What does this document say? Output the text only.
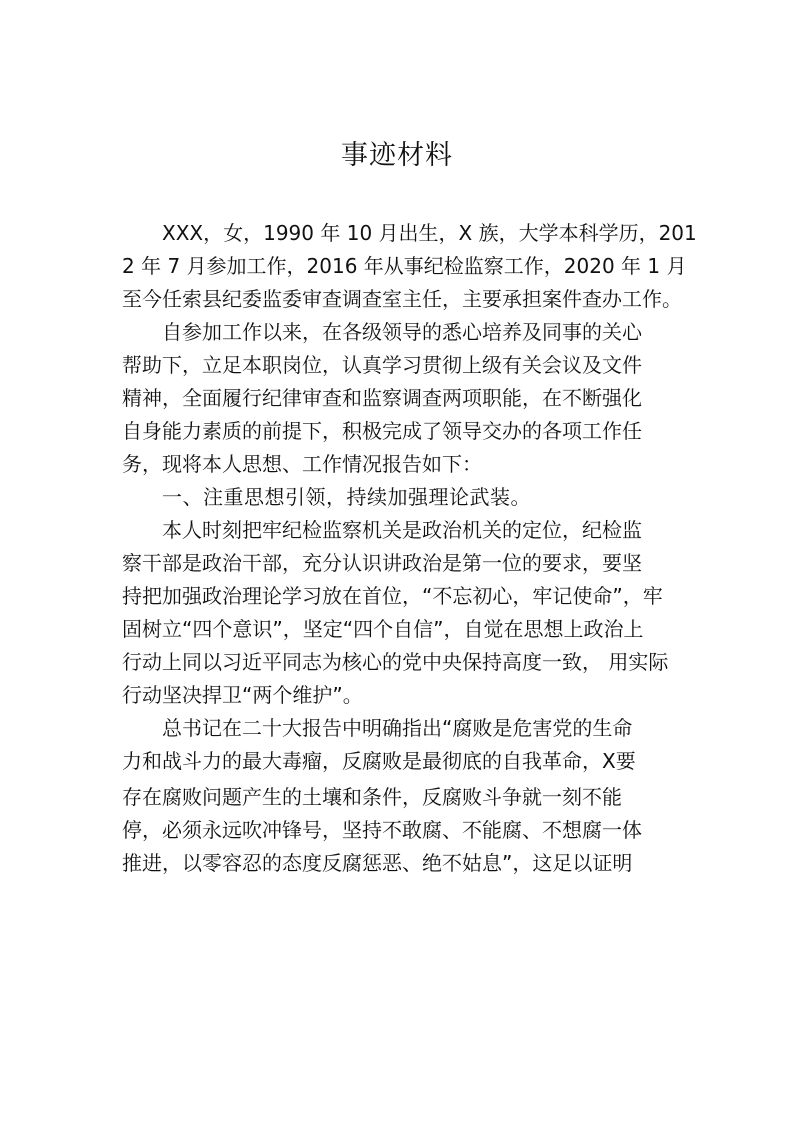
事迹材料
XXX，女，1990 年 10 月出生，X 族，大学本科学历，201
2 年 7 月参加工作，2016 年从事纪检监察工作，2020 年 1 月
至今任索县纪委监委审查调查室主任，主要承担案件查办工作。
自参加工作以来，在各级领导的悉心培养及同事的关心
帮助下，立足本职岗位，认真学习贯彻上级有关会议及文件
精神，全面履行纪律审查和监察调查两项职能，在不断强化
自身能力素质的前提下，积极完成了领导交办的各项工作任
务，现将本人思想、工作情况报告如下：
一、注重思想引领，持续加强理论武装。
本人时刻把牢纪检监察机关是政治机关的定位，纪检监
察干部是政治干部，充分认识讲政治是第一位的要求，要坚
持把加强政治理论学习放在首位，“不忘初心，牢记使命”，牢
固树立“四个意识”，坚定“四个自信”，自觉在思想上政治上
行动上同以习近平同志为核心的党中央保持高度一致， 用实际
行动坚决捍卫“两个维护”。
总书记在二十大报告中明确指出“腐败是危害党的生命
力和战斗力的最大毒瘤，反腐败是最彻底的自我革命，X要
存在腐败问题产生的土壤和条件，反腐败斗争就一刻不能
停，必须永远吹冲锋号，坚持不敢腐、不能腐、不想腐一体
推进，以零容忍的态度反腐惩恶、绝不姑息”，这足以证明
